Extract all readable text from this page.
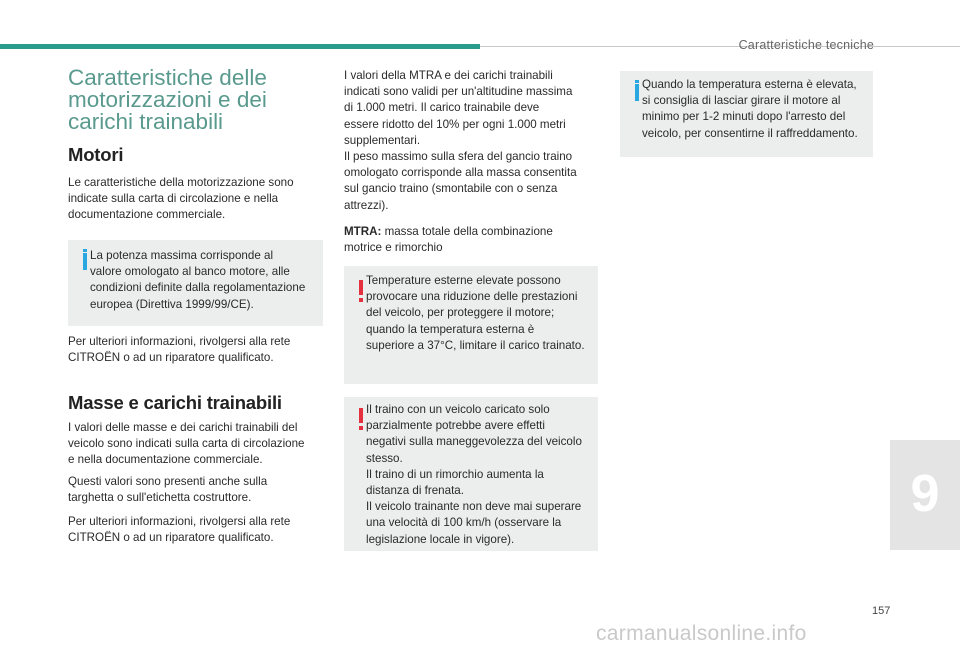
Caratteristiche tecniche
Caratteristiche delle
motorizzazioni e dei
carichi trainabili
Motori
Le caratteristiche della motorizzazione sono
indicate sulla carta di circolazione e nella
documentazione commerciale.
La potenza massima corrisponde al
valore omologato al banco motore, alle
condizioni definite dalla regolamentazione
europea (Direttiva 1999/99/CE).
Per ulteriori informazioni, rivolgersi alla rete
CITROËN o ad un riparatore qualificato.
Masse e carichi trainabili
I valori delle masse e dei carichi trainabili del
veicolo sono indicati sulla carta di circolazione
e nella documentazione commerciale.
Questi valori sono presenti anche sulla
targhetta o sull'etichetta costruttore.
Per ulteriori informazioni, rivolgersi alla rete
CITROËN o ad un riparatore qualificato.
I valori della MTRA e dei carichi trainabili
indicati sono validi per un'altitudine massima
di 1.000 metri. Il carico trainabile deve
essere ridotto del 10% per ogni 1.000 metri
supplementari.
Il peso massimo sulla sfera del gancio traino
omologato corrisponde alla massa consentita
sul gancio traino (smontabile con o senza
attrezzi).
MTRA: massa totale della combinazione
motrice e rimorchio
Temperature esterne elevate possono
provocare una riduzione delle prestazioni
del veicolo, per proteggere il motore;
quando la temperatura esterna è
superiore a 37°C, limitare il carico trainato.
Il traino con un veicolo caricato solo
parzialmente potrebbe avere effetti
negativi sulla maneggevolezza del veicolo
stesso.
Il traino di un rimorchio aumenta la
distanza di frenata.
Il veicolo trainante non deve mai superare
una velocità di 100 km/h (osservare la
legislazione locale in vigore).
Quando la temperatura esterna è elevata,
si consiglia di lasciar girare il motore al
minimo per 1-2 minuti dopo l'arresto del
veicolo, per consentirne il raffreddamento.
9
157
carmanualsonline.info
